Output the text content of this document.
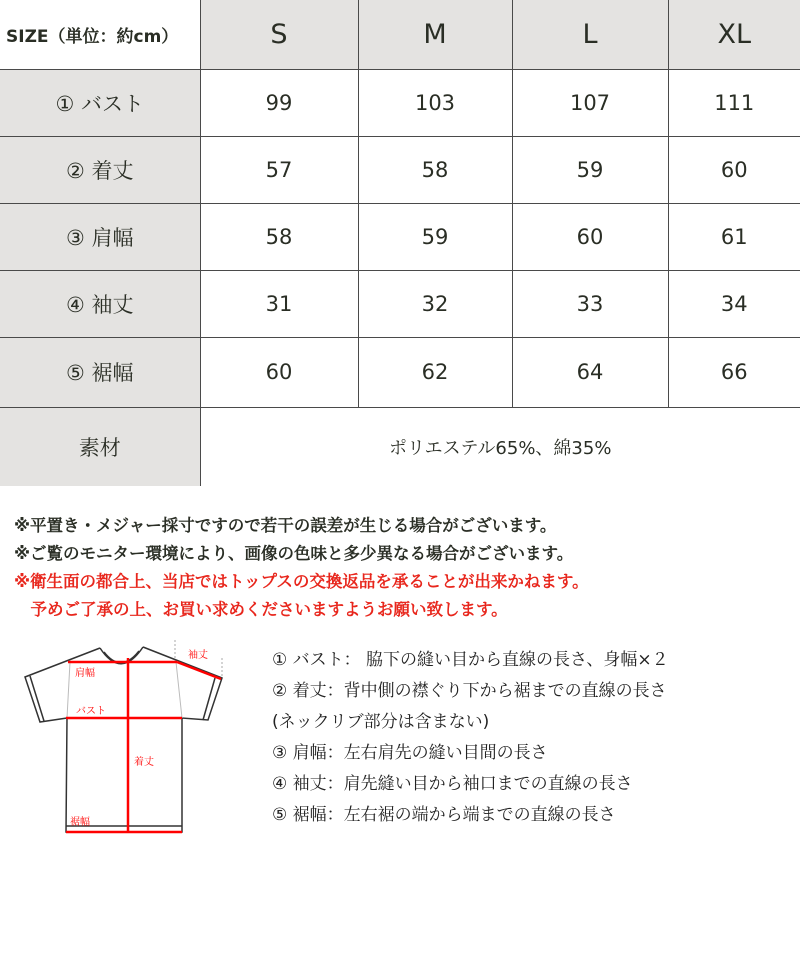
SIZE（単位：約cm）	S	M	L	XL
① バスト	99	103	107	111
② 着丈	57	58	59	60
③ 肩幅	58	59	60	61
④ 袖丈	31	32	33	34
⑤ 裾幅	60	62	64	66
素材	ポリエステル65%、綿35%			
※平置き・メジャー採寸ですので若干の誤差が生じる場合がございます。
※ご覧のモニター環境により、画像の色味と多少異なる場合がございます。
※衛生面の都合上、当店ではトップスの交換返品を承ることが出来かねます。
　予めご了承の上、お買い求めくださいますようお願い致します。
肩幅
バスト
着丈
裾幅
袖丈	① バスト： 脇下の縫い目から直線の長さ、身幅×２
② 着丈：背中側の襟ぐり下から裾までの直線の長さ
(ネックリブ部分は含まない)
③ 肩幅：左右肩先の縫い目間の長さ
④ 袖丈：肩先縫い目から袖口までの直線の長さ
⑤ 裾幅：左右裾の端から端までの直線の長さ
